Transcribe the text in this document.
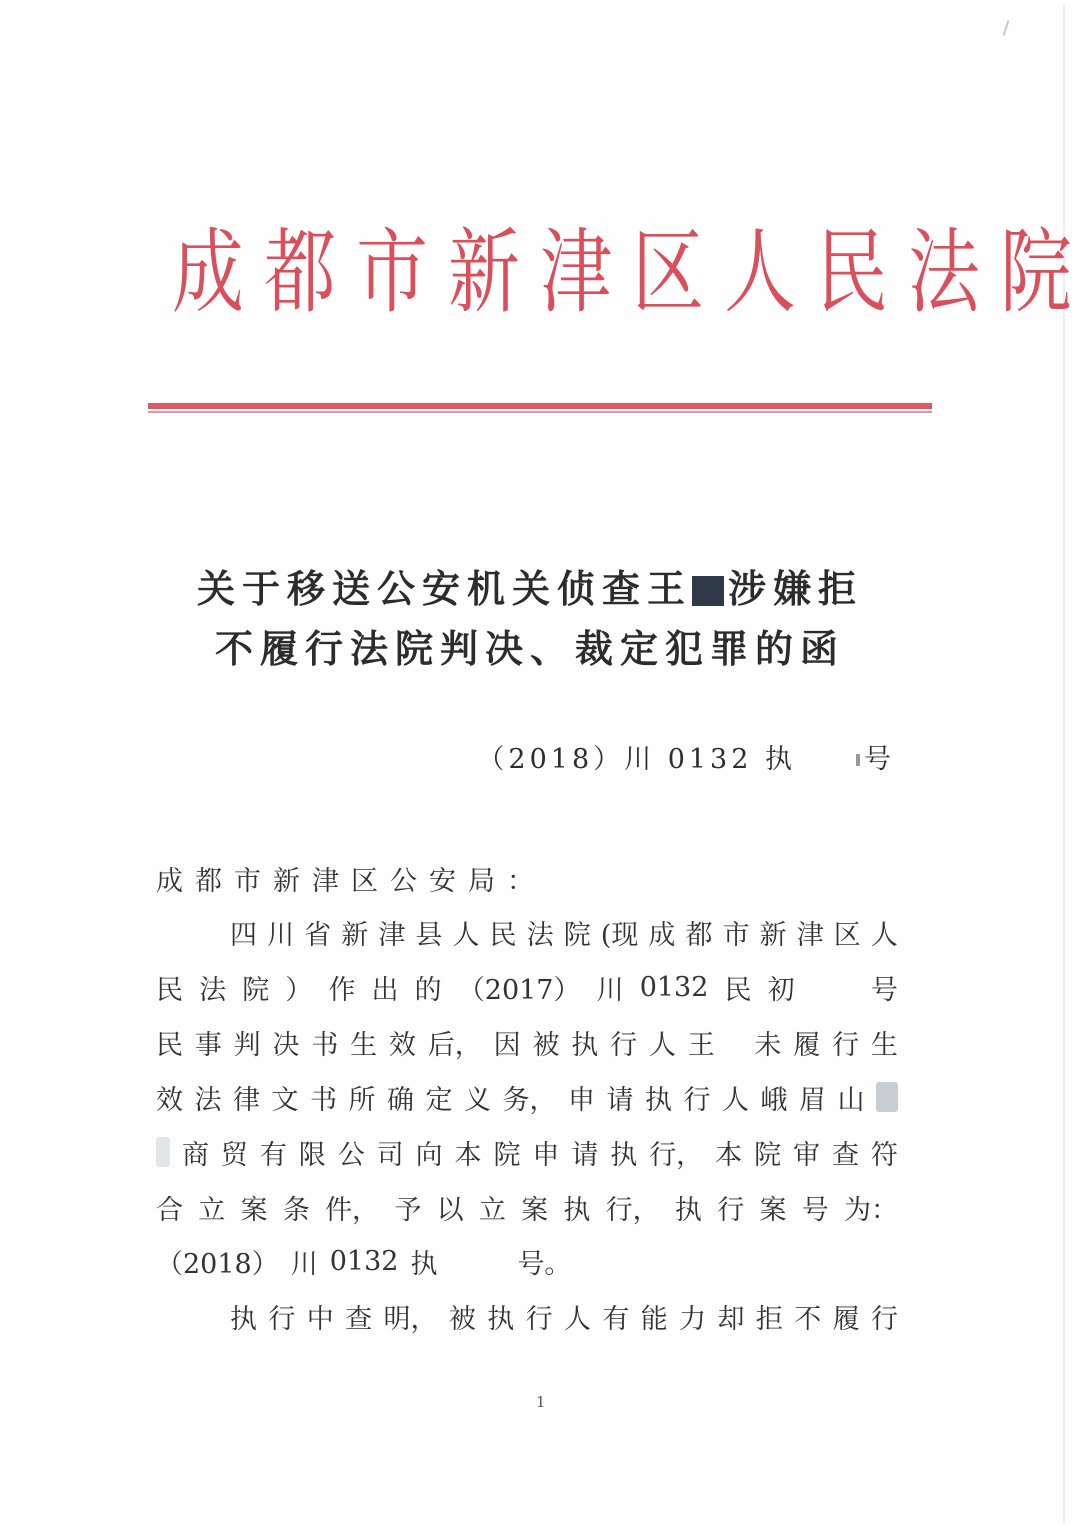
成 都 市 新 津 区 人 民 法 院
关于移送公安机关侦查王 涉嫌拒
不履行法院判决、裁定犯罪的函
（2018）川 0132 执	号
成 都 市 新 津 区 公 安 局 ：
四 川 省 新 津 县 人 民 法 院 (现 成 都 市 新 津 区 人
民 法 院 ） 作 出 的 （2017） 川 0132 民 初	号
民 事 判 决 书 生 效 后， 因 被 执 行 人 王 未 履 行 生
效 法 律 文 书 所 确 定 义 务， 申 请 执 行 人 峨 眉 山
商 贸 有 限 公 司 向 本 院 申 请 执 行， 本 院 审 查 符
合 立 案 条 件， 予 以 立 案 执 行， 执 行 案 号 为：
（2018） 川 0132 执	号。
执 行 中 查 明， 被 执 行 人 有 能 力 却 拒 不 履 行
1
